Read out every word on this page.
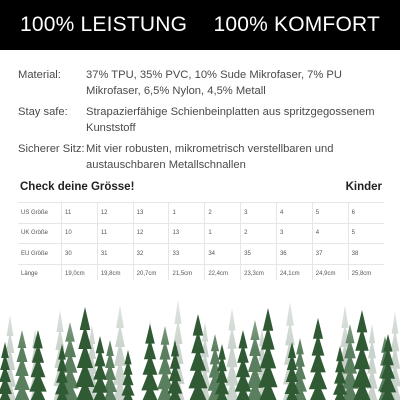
100% LEISTUNG 100% KOMFORT
Material:	37% TPU, 35% PVC, 10% Sude Mikrofaser, 7% PU Mikrofaser, 6,5% Nylon, 4,5% Metall
Stay safe:	Strapazierfähige Schienbeinplatten aus spritzgegossenem Kunststoff
Sicherer Sitz: Mit vier robusten, mikrometrisch verstellbaren und austauschbaren Metallschnallen
Check deine Grösse!	Kinder
US Größe	11	12	13	1	2	3	4	5	6
UK Größe	10	11	12	13	1	2	3	4	5
EU Größe	30	31	32	33	34	35	36	37	38
Länge	19,0cm	19,8cm	20,7cm	21,5cm	22,4cm	23,3cm	24,1cm	24,9cm	25,8cm
